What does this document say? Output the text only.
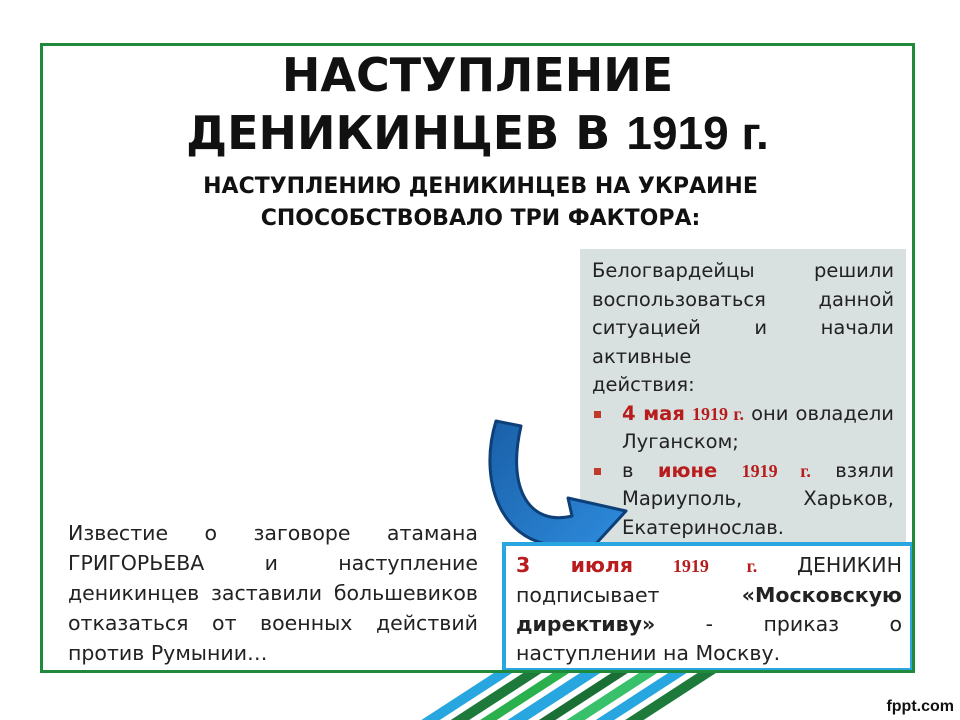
НАСТУПЛЕНИЕ
ДЕНИКИНЦЕВ В 1919 г.
НАСТУПЛЕНИЮ ДЕНИКИНЦЕВ НА УКРАИНЕ
СПОСОБСТВОВАЛО ТРИ ФАКТОРА:
Белогвардейцы решили воспользоваться данной ситуацией и начали активные
действия:
4 мая 1919 г. они овладели Луганском;
в июне 1919 г. взяли Мариуполь, Харьков, Екатеринослав.
Известие о заговоре атамана ГРИГОРЬЕВА и наступление деникинцев заставили большевиков отказаться от военных действий против Румынии…
3 июля 1919 г. ДЕНИКИН подписывает	«Московскую директиву» - приказ о наступлении на Москву.
fppt.com
